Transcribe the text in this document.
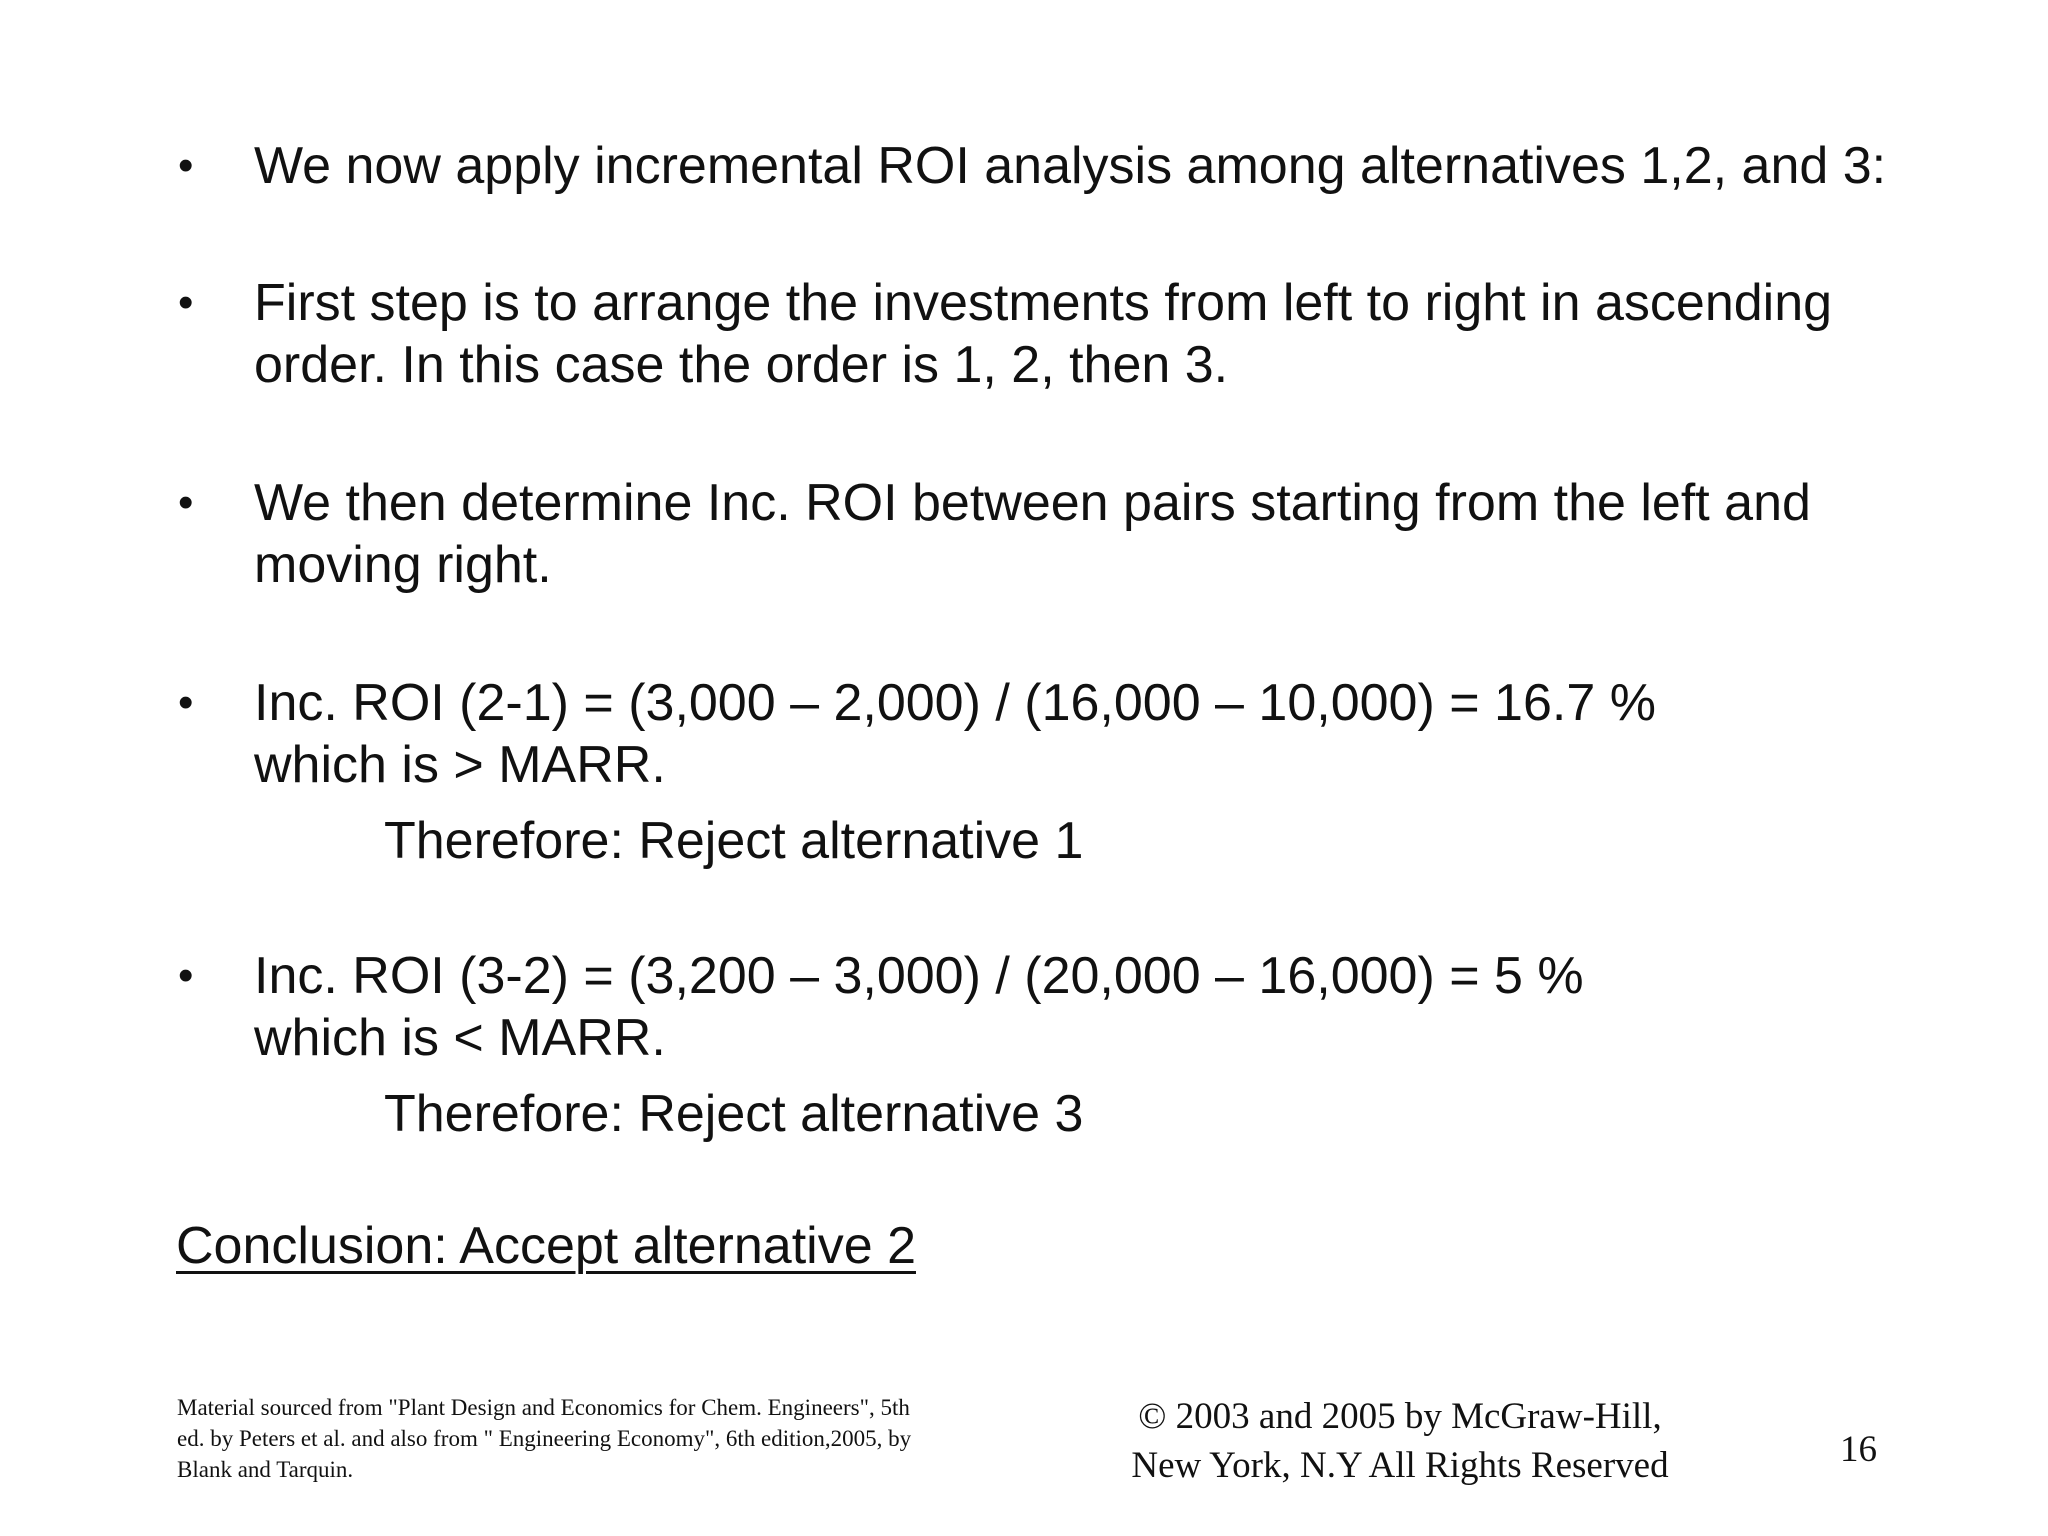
•	We now apply incremental ROI analysis among alternatives 1,2, and 3:
•	First step is to arrange the investments from left to right in ascending
order. In this case the order is 1, 2, then 3.
•	We then determine Inc. ROI between pairs starting from the left and
moving right.
•	Inc. ROI (2-1) = (3,000 – 2,000) / (16,000 – 10,000) = 16.7 %
which is > MARR.
Therefore: Reject alternative 1
•	Inc. ROI (3-2) = (3,200 – 3,000) / (20,000 – 16,000) = 5 %
which is < MARR.
Therefore: Reject alternative 3
Conclusion: Accept alternative 2
Material sourced from "Plant Design and Economics for Chem. Engineers", 5th
ed. by Peters et al. and also from " Engineering Economy", 6th edition,2005, by
Blank and Tarquin.
© 2003 and 2005 by McGraw-Hill,
New York, N.Y All Rights Reserved	16
